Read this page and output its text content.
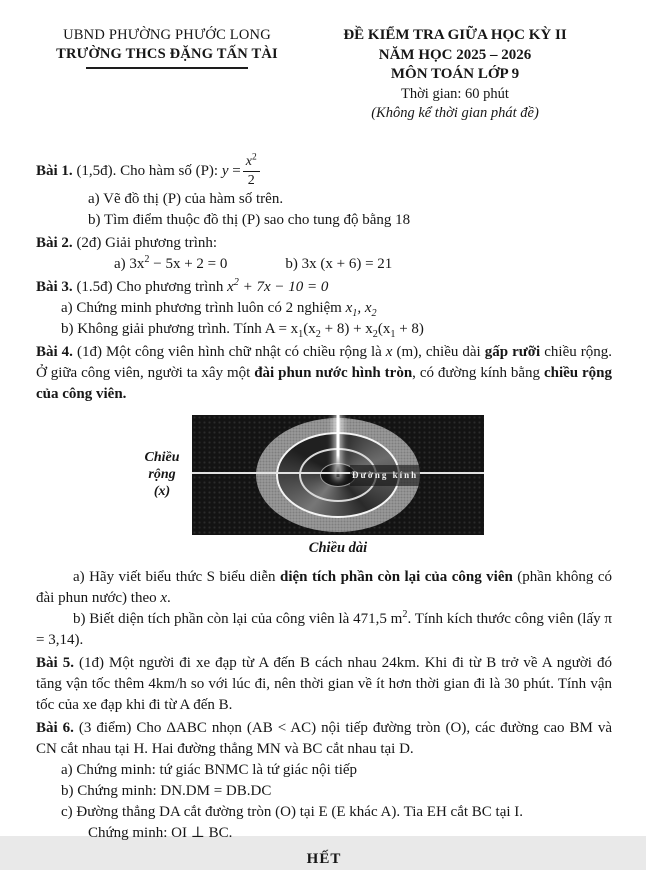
UBND PHƯỜNG PHƯỚC LONG
TRƯỜNG THCS ĐẶNG TẤN TÀI
ĐỀ KIỂM TRA GIỮA HỌC KỲ II
NĂM HỌC 2025 – 2026
MÔN TOÁN LỚP 9
Thời gian: 60 phút
(Không kể thời gian phát đề)

Bài 1. (1,5đ). Cho hàm số (P): $y = \frac{x^2}{2}$

a) Vẽ đồ thị (P) của hàm số trên.

b) Tìm điểm thuộc đồ thị (P) sao cho tung độ bằng 18

Bài 2. (2đ) Giải phương trình:

a) $3x^2 - 5x + 2 = 0$	b) 3x (x + 6) = 21

Bài 3. (1.5đ) Cho phương trình $x^2 + 7x - 10 = 0$

a) Chứng minh phương trình luôn có 2 nghiệm $x_1$, $x_2$

b) Không giải phương trình. Tính $A = x_1(x_2 + 8) + x_2(x_1 + 8)$

Bài 4. (1đ) Một công viên hình chữ nhật có chiều rộng là x (m), chiều dài gấp rưỡi chiều rộng. Ở giữa công viên, người ta xây một đài phun nước hình tròn, có đường kính bằng chiều rộng của công viên.

Chiều
rộng
(x)
Đường kính
Chiều dài

a) Hãy viết biểu thức S biểu diễn diện tích phần còn lại của công viên (phần không có đài phun nước) theo x.

b) Biết diện tích phần còn lại của công viên là 471,5 $m^2$. Tính kích thước công viên (lấy π = 3,14).

Bài 5. (1đ) Một người đi xe đạp từ A đến B cách nhau 24km. Khi đi từ B trở về A người đó tăng vận tốc thêm 4km/h so với lúc đi, nên thời gian về ít hơn thời gian đi là 30 phút. Tính vận tốc của xe đạp khi đi từ A đến B.

Bài 6. (3 điểm) Cho ΔABC nhọn (AB < AC) nội tiếp đường tròn (O), các đường cao BM và CN cắt nhau tại H. Hai đường thẳng MN và BC cắt nhau tại D.

a) Chứng minh: tứ giác BNMC là tứ giác nội tiếp

b) Chứng minh: DN.DM = DB.DC

c) Đường thẳng DA cắt đường tròn (O) tại E (E khác A). Tia EH cắt BC tại I.

Chứng minh: OI ⊥ BC.

HẾT
